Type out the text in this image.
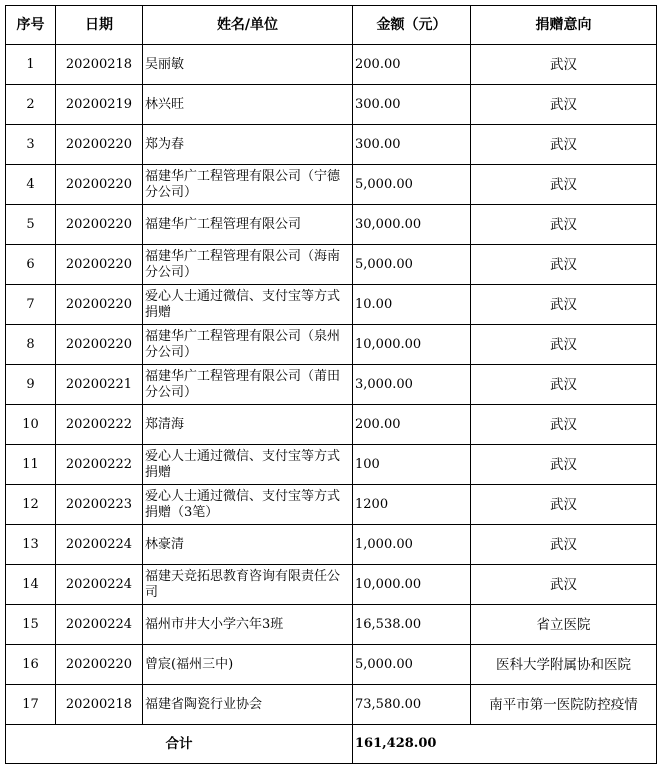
序号	日期	姓名/单位	金额（元）	捐赠意向
1	20200218	吴丽敏	200.00	武汉
2	20200219	林兴旺	300.00	武汉
3	20200220	郑为春	300.00	武汉
4	20200220	福建华广工程管理有限公司（宁德分公司）	5,000.00	武汉
5	20200220	福建华广工程管理有限公司	30,000.00	武汉
6	20200220	福建华广工程管理有限公司（海南分公司）	5,000.00	武汉
7	20200220	爱心人士通过微信、支付宝等方式捐赠	10.00	武汉
8	20200220	福建华广工程管理有限公司（泉州分公司）	10,000.00	武汉
9	20200221	福建华广工程管理有限公司（莆田分公司）	3,000.00	武汉
10	20200222	郑清海	200.00	武汉
11	20200222	爱心人士通过微信、支付宝等方式捐赠	100	武汉
12	20200223	爱心人士通过微信、支付宝等方式捐赠（3笔）	1200	武汉
13	20200224	林豪清	1,000.00	武汉
14	20200224	福建天竞拓思教育咨询有限责任公司	10,000.00	武汉
15	20200224	福州市井大小学六年3班	16,538.00	省立医院
16	20200220	曾宸(福州三中)	5,000.00	医科大学附属协和医院
17	20200218	福建省陶瓷行业协会	73,580.00	南平市第一医院防控疫情
合计			161,428.00	
